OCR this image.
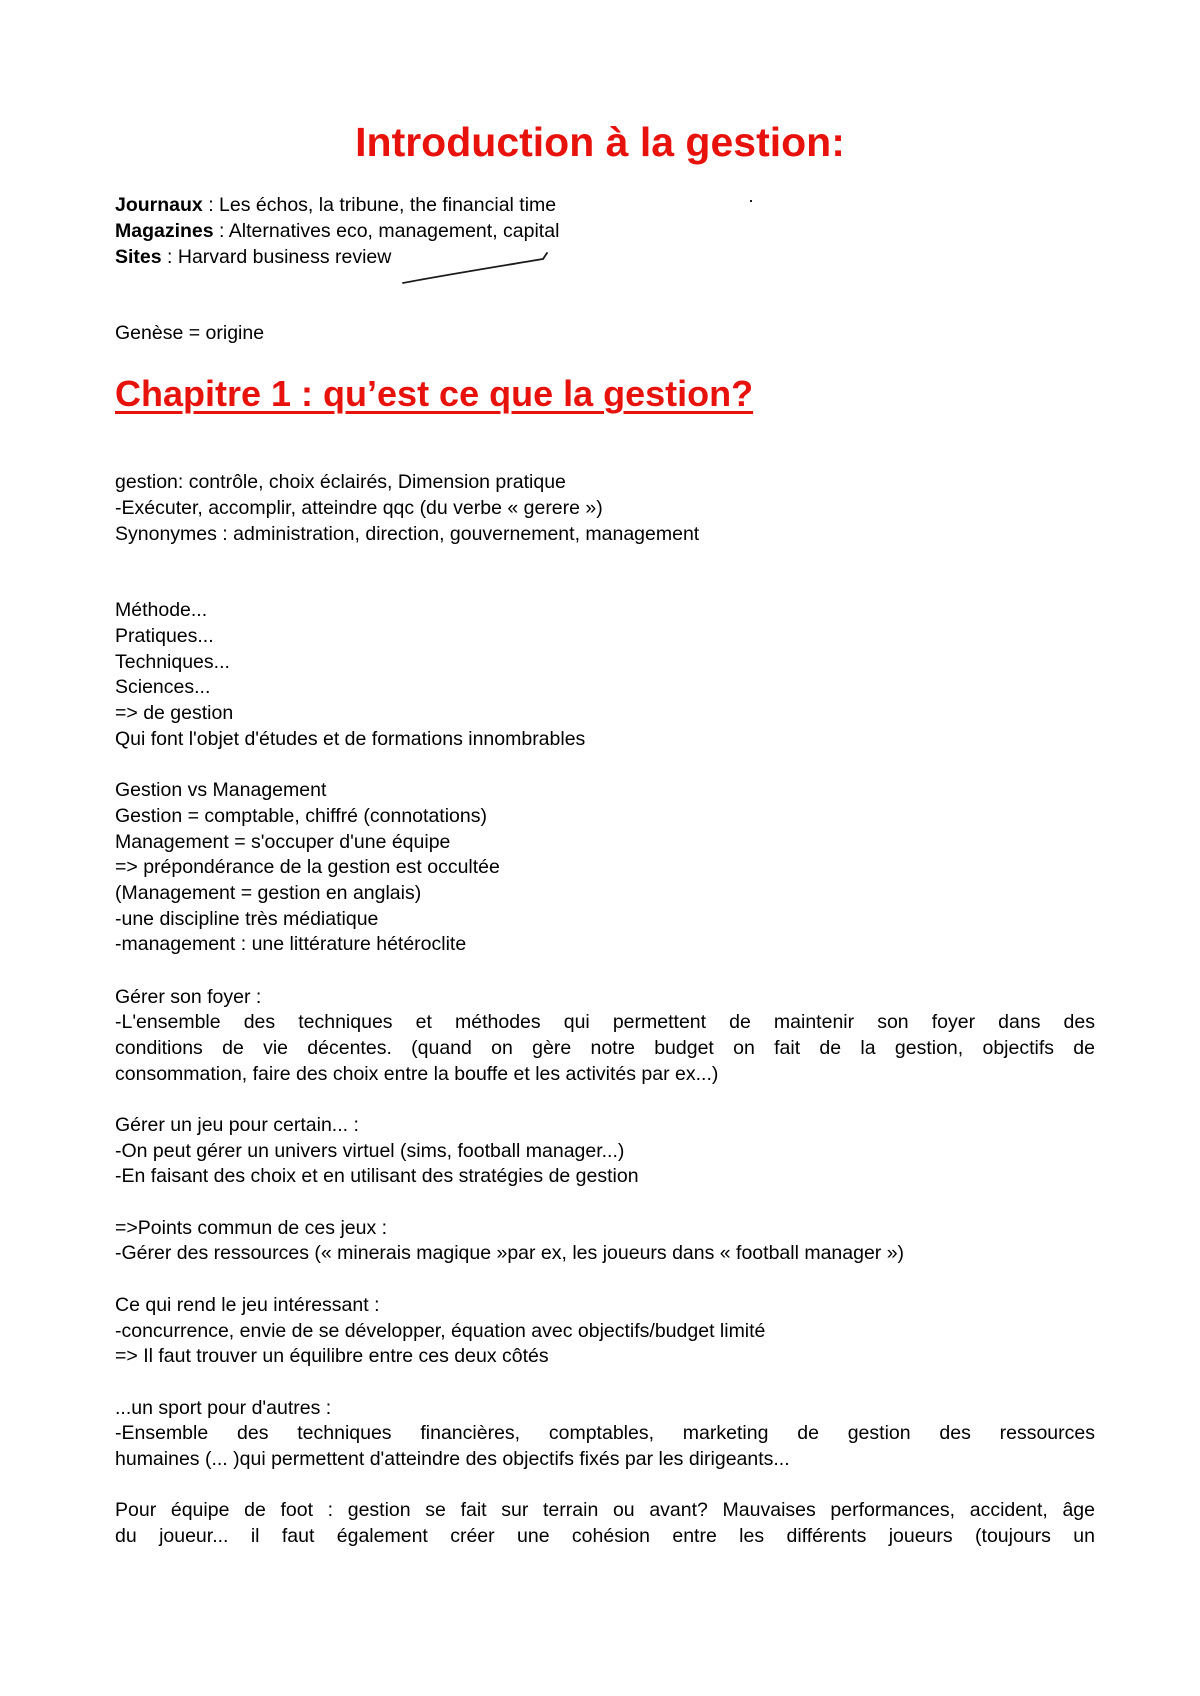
Introduction à la gestion:

Journaux : Les échos, la tribune, the financial time

Magazines : Alternatives eco, management, capital

Sites : Harvard business review

Genèse = origine

Chapitre 1 : qu’est ce que la gestion?

gestion: contrôle, choix éclairés, Dimension pratique

-Exécuter, accomplir, atteindre qqc (du verbe « gerere »)

Synonymes : administration, direction, gouvernement, management

Méthode...

Pratiques...

Techniques...

Sciences...

=> de gestion

Qui font l'objet d'études et de formations innombrables

Gestion vs Management

Gestion = comptable, chiffré (connotations)

Management = s'occuper d'une équipe

=> prépondérance de la gestion est occultée

(Management = gestion en anglais)

-une discipline très médiatique

-management : une littérature hétéroclite

Gérer son foyer :

-L'ensemble des techniques et méthodes qui permettent de maintenir son foyer dans des

conditions de vie décentes. (quand on gère notre budget on fait de la gestion, objectifs de

consommation, faire des choix entre la bouffe et les activités par ex...)

Gérer un jeu pour certain... :

-On peut gérer un univers virtuel (sims, football manager...)

-En faisant des choix et en utilisant des stratégies de gestion

=>Points commun de ces jeux :

-Gérer des ressources (« minerais magique »par ex, les joueurs dans « football manager »)

Ce qui rend le jeu intéressant :

-concurrence, envie de se développer, équation avec objectifs/budget limité

=> Il faut trouver un équilibre entre ces deux côtés

...un sport pour d'autres :

-Ensemble des techniques financières, comptables, marketing de gestion des ressources

humaines (... )qui permettent d'atteindre des objectifs fixés par les dirigeants...

Pour équipe de foot : gestion se fait sur terrain ou avant? Mauvaises performances, accident, âge

du joueur... il faut également créer une cohésion entre les différents joueurs (toujours un
